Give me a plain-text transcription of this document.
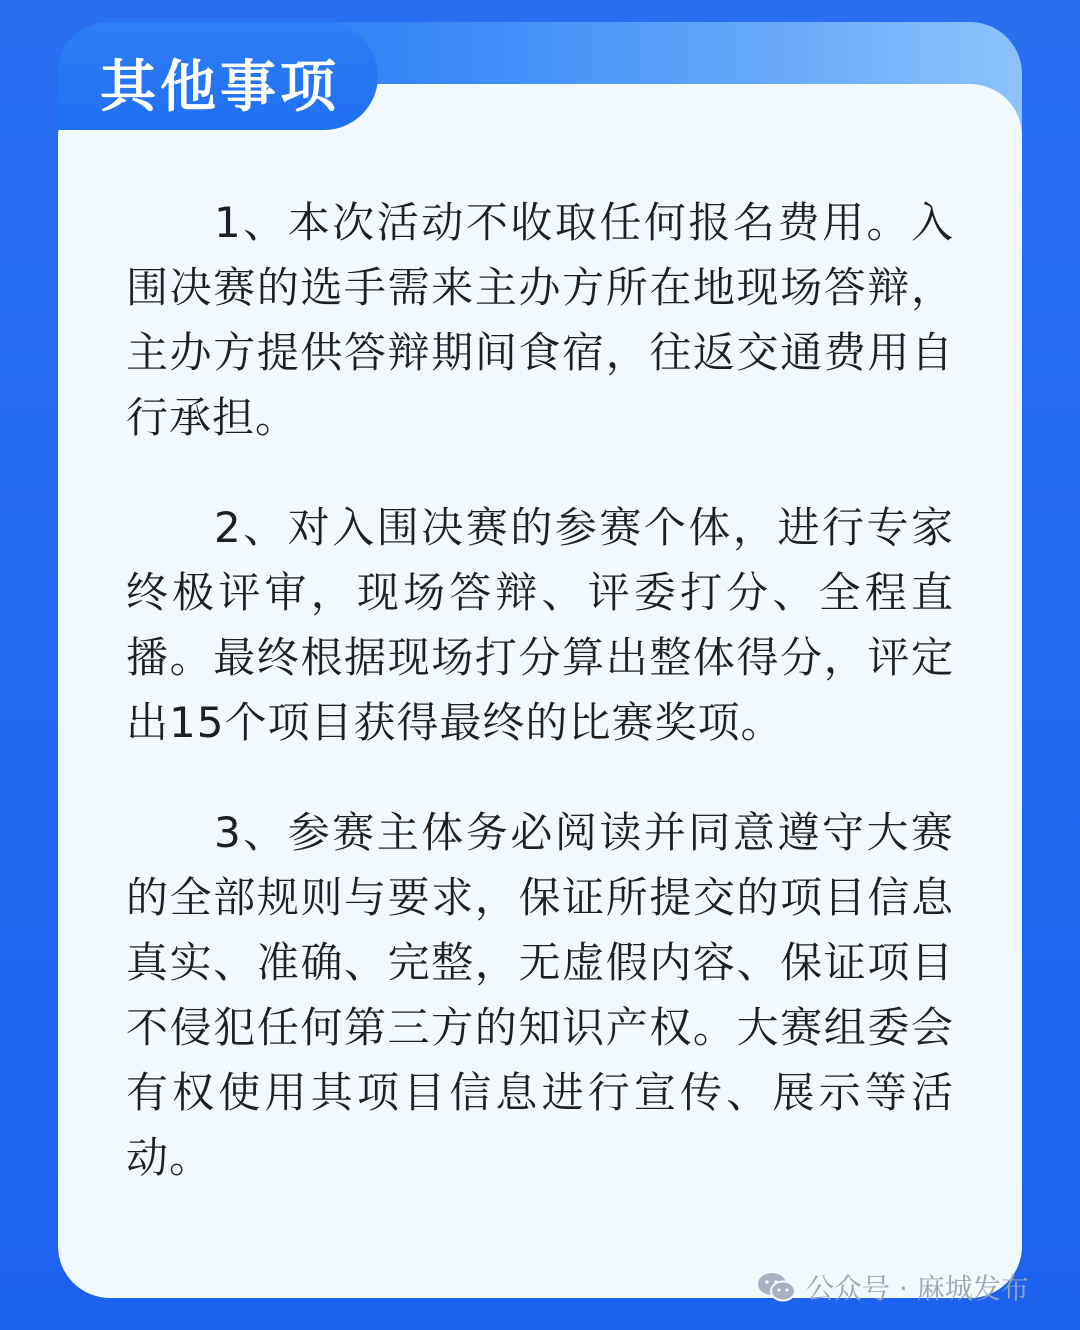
其他事项

1、本次活动不收取任何报名费用。入围决赛的选手需来主办方所在地现场答辩，主办方提供答辩期间食宿，往返交通费用自行承担。

2、对入围决赛的参赛个体，进行专家终极评审，现场答辩、评委打分、全程直播。最终根据现场打分算出整体得分，评定出15个项目获得最终的比赛奖项。

3、参赛主体务必阅读并同意遵守大赛的全部规则与要求，保证所提交的项目信息真实、准确、完整，无虚假内容、保证项目不侵犯任何第三方的知识产权。大赛组委会有权使用其项目信息进行宣传、展示等活动。

公众号 · 麻城发布
